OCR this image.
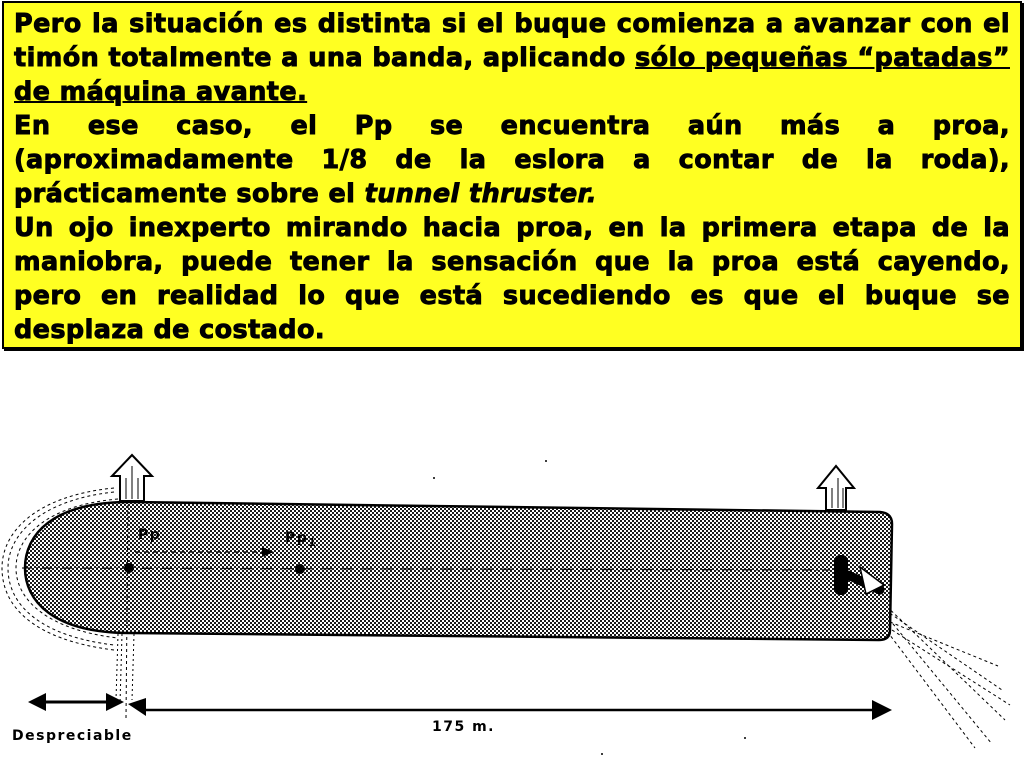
Pero la situación es distinta si el buque comienza a avanzar con el timón totalmente a una banda, aplicando sólo pequeñas “patadas” de máquina avante.

En ese caso, el Pp se encuentra aún más a proa, (aproximadamente 1/8 de la eslora a contar de la roda), prácticamente sobre el tunnel thruster.

Un ojo inexperto mirando hacia proa, en la primera etapa de la maniobra, puede tener la sensación que la proa está cayendo, pero en realidad lo que está sucediendo es que el buque se desplaza de costado.

Pp	$Pp_1$
175 m.
Despreciable
